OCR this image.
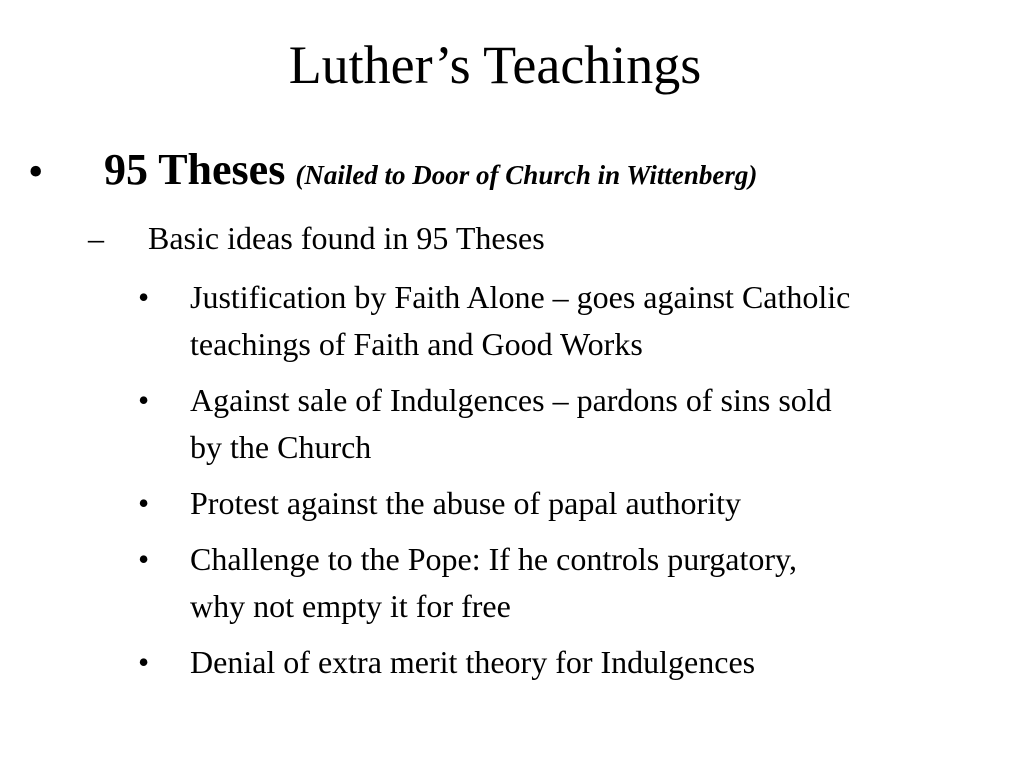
Luther’s Teachings
• 95 Theses (Nailed to Door of Church in Wittenberg)
– Basic ideas found in 95 Theses
• Justification by Faith Alone – goes against Catholic
teachings of Faith and Good Works
• Against sale of Indulgences – pardons of sins sold
by the Church
• Protest against the abuse of papal authority
• Challenge to the Pope: If he controls purgatory,
why not empty it for free
• Denial of extra merit theory for Indulgences
